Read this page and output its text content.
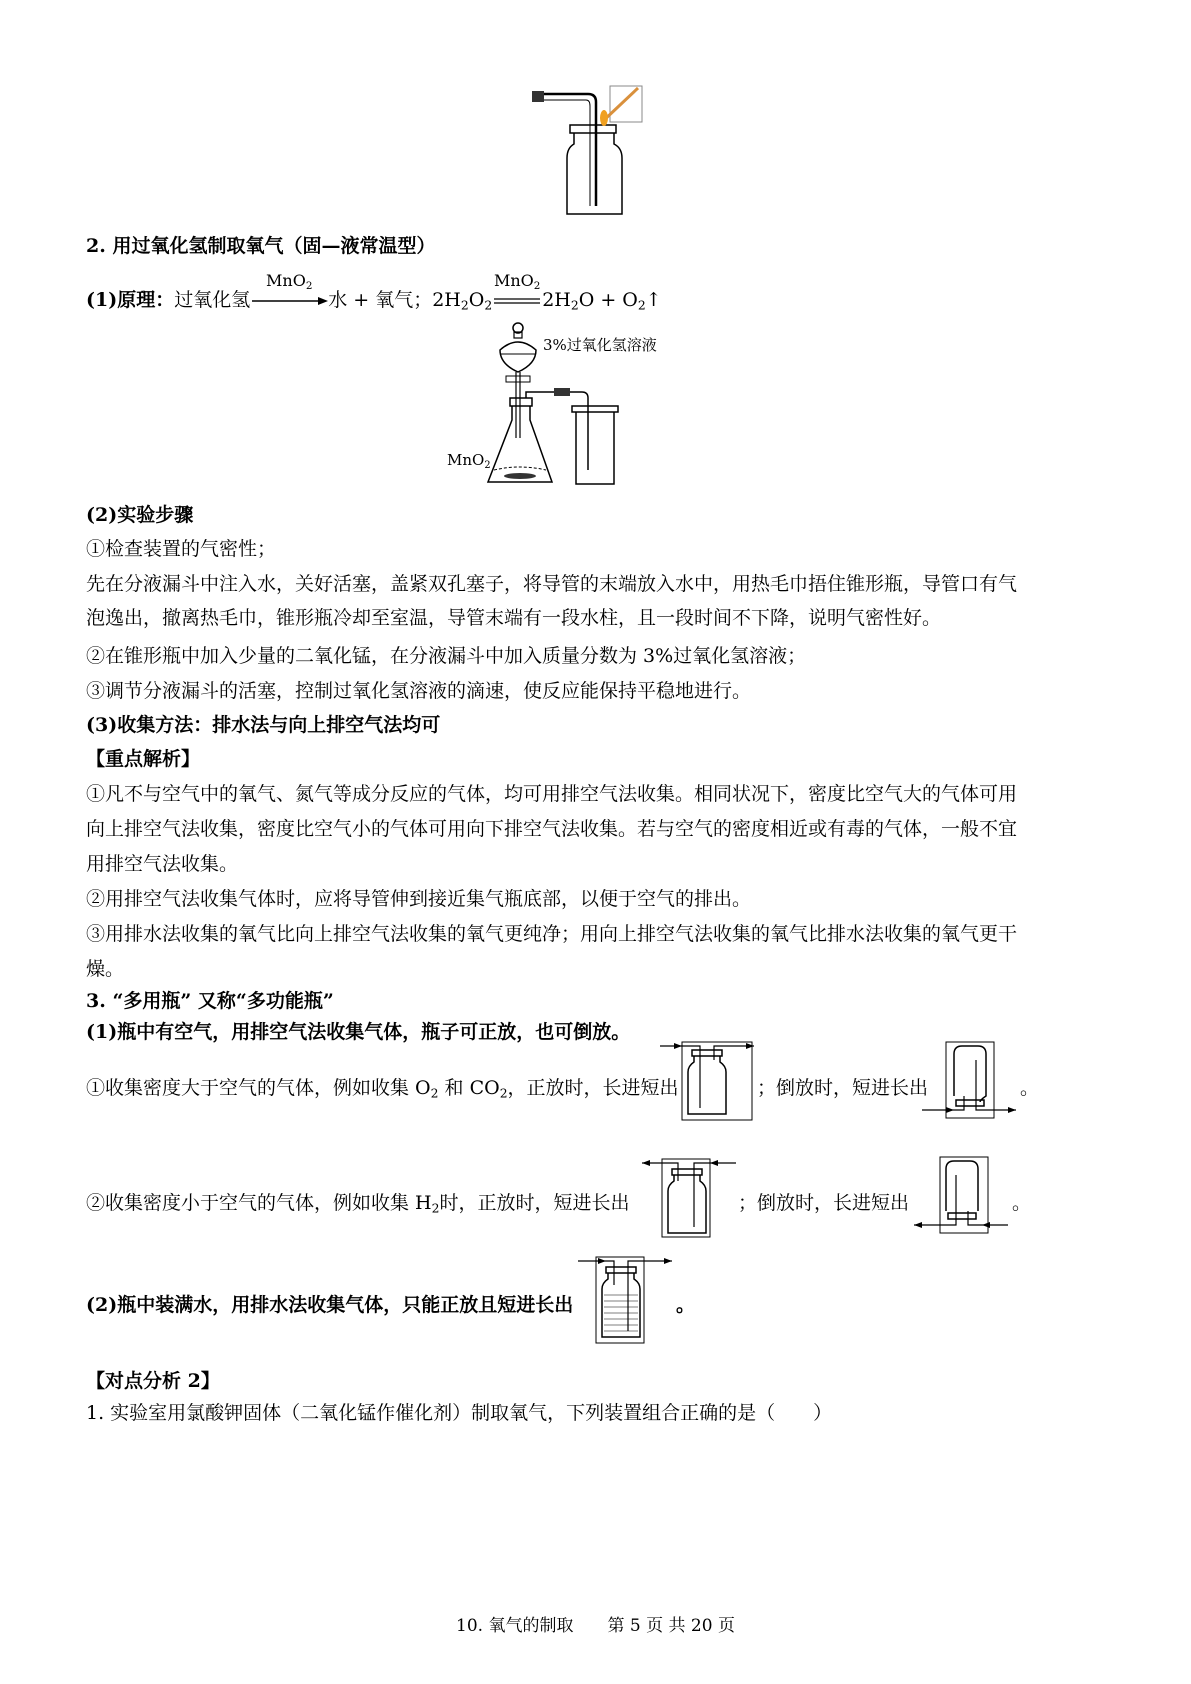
2. 用过氧化氢制取氧气（固—液常温型）
(1)原理：过氧化氢
MnO$_2$
水 + 氧气；$2H_2O_2$
MnO$_2$
$2H_2O$ + $O_2↑$
3%过氧化氢溶液
MnO$_2$
(2)实验步骤
①检查装置的气密性；
先在分液漏斗中注入水，关好活塞，盖紧双孔塞子，将导管的末端放入水中，用热毛巾捂住锥形瓶，导管口有气
泡逸出，撤离热毛巾，锥形瓶冷却至室温，导管末端有一段水柱，且一段时间不下降，说明气密性好。
②在锥形瓶中加入少量的二氧化锰，在分液漏斗中加入质量分数为 3%过氧化氢溶液；
③调节分液漏斗的活塞，控制过氧化氢溶液的滴速，使反应能保持平稳地进行。
(3)收集方法：排水法与向上排空气法均可
【重点解析】
①凡不与空气中的氧气、氮气等成分反应的气体，均可用排空气法收集。相同状况下，密度比空气大的气体可用
向上排空气法收集，密度比空气小的气体可用向下排空气法收集。若与空气的密度相近或有毒的气体，一般不宜
用排空气法收集。
②用排空气法收集气体时，应将导管伸到接近集气瓶底部，以便于空气的排出。
③用排水法收集的氧气比向上排空气法收集的氧气更纯净；用向上排空气法收集的氧气比排水法收集的氧气更干
燥。
3. “多用瓶” 又称“多功能瓶”
(1)瓶中有空气，用排空气法收集气体，瓶子可正放，也可倒放。
①收集密度大于空气的气体，例如收集 $O_2$ 和 $CO_2$，正放时，长进短出	；倒放时，短进长出	。
②收集密度小于空气的气体，例如收集 $H_2$时，正放时，短进长出	；倒放时，长进短出	。
(2)瓶中装满水，用排水法收集气体，只能正放且短进长出	。
【对点分析 2】
1. 实验室用氯酸钾固体（二氧化锰作催化剂）制取氧气，下列装置组合正确的是（　　）
10. 氧气的制取　　第 5 页 共 20 页
